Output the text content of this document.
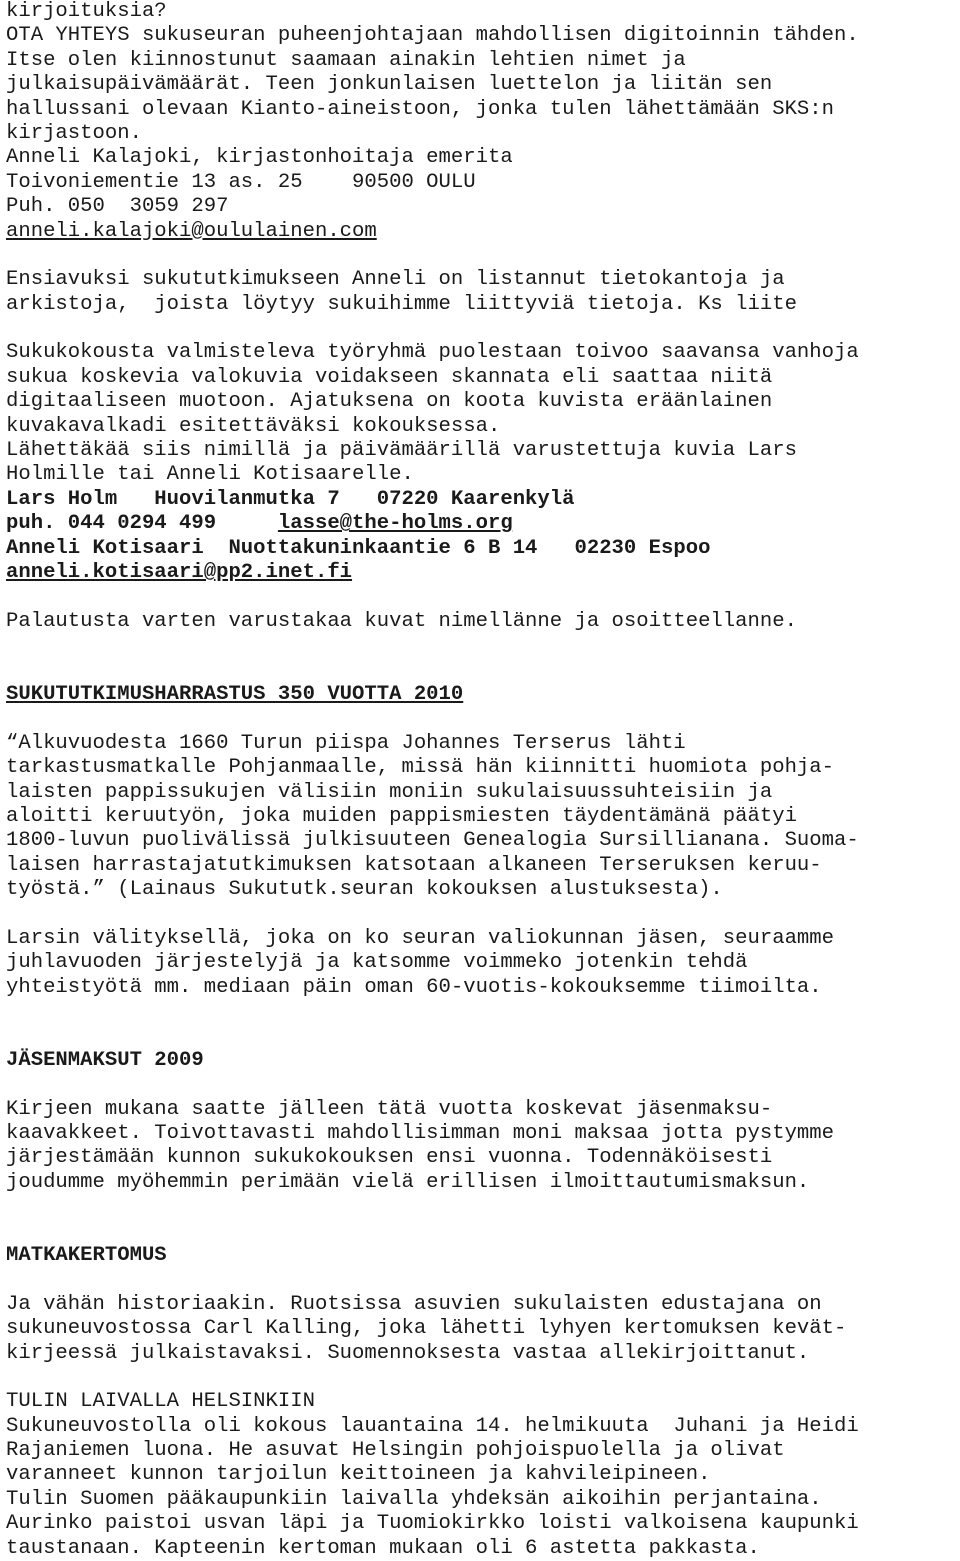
kirjoituksia?
OTA YHTEYS sukuseuran puheenjohtajaan mahdollisen digitoinnin tähden.
Itse olen kiinnostunut saamaan ainakin lehtien nimet ja
julkaisupäivämäärät. Teen jonkunlaisen luettelon ja liitän sen
hallussani olevaan Kianto-aineistoon, jonka tulen lähettämään SKS:n
kirjastoon.
Anneli Kalajoki, kirjastonhoitaja emerita
Toivoniementie 13 as. 25    90500 OULU
Puh. 050  3059 297
anneli.kalajoki@oululainen.com
Ensiavuksi sukututkimukseen Anneli on listannut tietokantoja ja
arkistoja,  joista löytyy sukuihimme liittyviä tietoja. Ks liite
Sukukokousta valmisteleva työryhmä puolestaan toivoo saavansa vanhoja
sukua koskevia valokuvia voidakseen skannata eli saattaa niitä
digitaaliseen muotoon. Ajatuksena on koota kuvista eräänlainen
kuvakavalkadi esitettäväksi kokouksessa.
Lähettäkää siis nimillä ja päivämäärillä varustettuja kuvia Lars
Holmille tai Anneli Kotisaarelle.
Lars Holm   Huovilanmutka 7   07220 Kaarenkylä
puh. 044 0294 499     lasse@the-holms.org
Anneli Kotisaari  Nuottakuninkaantie 6 B 14   02230 Espoo
anneli.kotisaari@pp2.inet.fi
Palautusta varten varustakaa kuvat nimellänne ja osoitteellanne.
SUKUTUTKIMUSHARRASTUS 350 VUOTTA 2010
“Alkuvuodesta 1660 Turun piispa Johannes Terserus lähti
tarkastusmatkalle Pohjanmaalle, missä hän kiinnitti huomiota pohja-
laisten pappissukujen välisiin moniin sukulaisuussuhteisiin ja
aloitti keruutyön, joka muiden pappismiesten täydentämänä päätyi
1800-luvun puolivälissä julkisuuteen Genealogia Sursillianana. Suoma-
laisen harrastajatutkimuksen katsotaan alkaneen Terseruksen keruu-
työstä.” (Lainaus Sukututk.seuran kokouksen alustuksesta).
Larsin välityksellä, joka on ko seuran valiokunnan jäsen, seuraamme
juhlavuoden järjestelyjä ja katsomme voimmeko jotenkin tehdä
yhteistyötä mm. mediaan päin oman 60-vuotis-kokouksemme tiimoilta.
JÄSENMAKSUT 2009
Kirjeen mukana saatte jälleen tätä vuotta koskevat jäsenmaksu-
kaavakkeet. Toivottavasti mahdollisimman moni maksaa jotta pystymme
järjestämään kunnon sukukokouksen ensi vuonna. Todennäköisesti
joudumme myöhemmin perimään vielä erillisen ilmoittautumismaksun.
MATKAKERTOMUS
Ja vähän historiaakin. Ruotsissa asuvien sukulaisten edustajana on
sukuneuvostossa Carl Kalling, joka lähetti lyhyen kertomuksen kevät-
kirjeessä julkaistavaksi. Suomennoksesta vastaa allekirjoittanut.
TULIN LAIVALLA HELSINKIIN
Sukuneuvostolla oli kokous lauantaina 14. helmikuuta  Juhani ja Heidi
Rajaniemen luona. He asuvat Helsingin pohjoispuolella ja olivat
varanneet kunnon tarjoilun keittoineen ja kahvileipineen.
Tulin Suomen pääkaupunkiin laivalla yhdeksän aikoihin perjantaina.
Aurinko paistoi usvan läpi ja Tuomiokirkko loisti valkoisena kaupunki
taustanaan. Kapteenin kertoman mukaan oli 6 astetta pakkasta.
